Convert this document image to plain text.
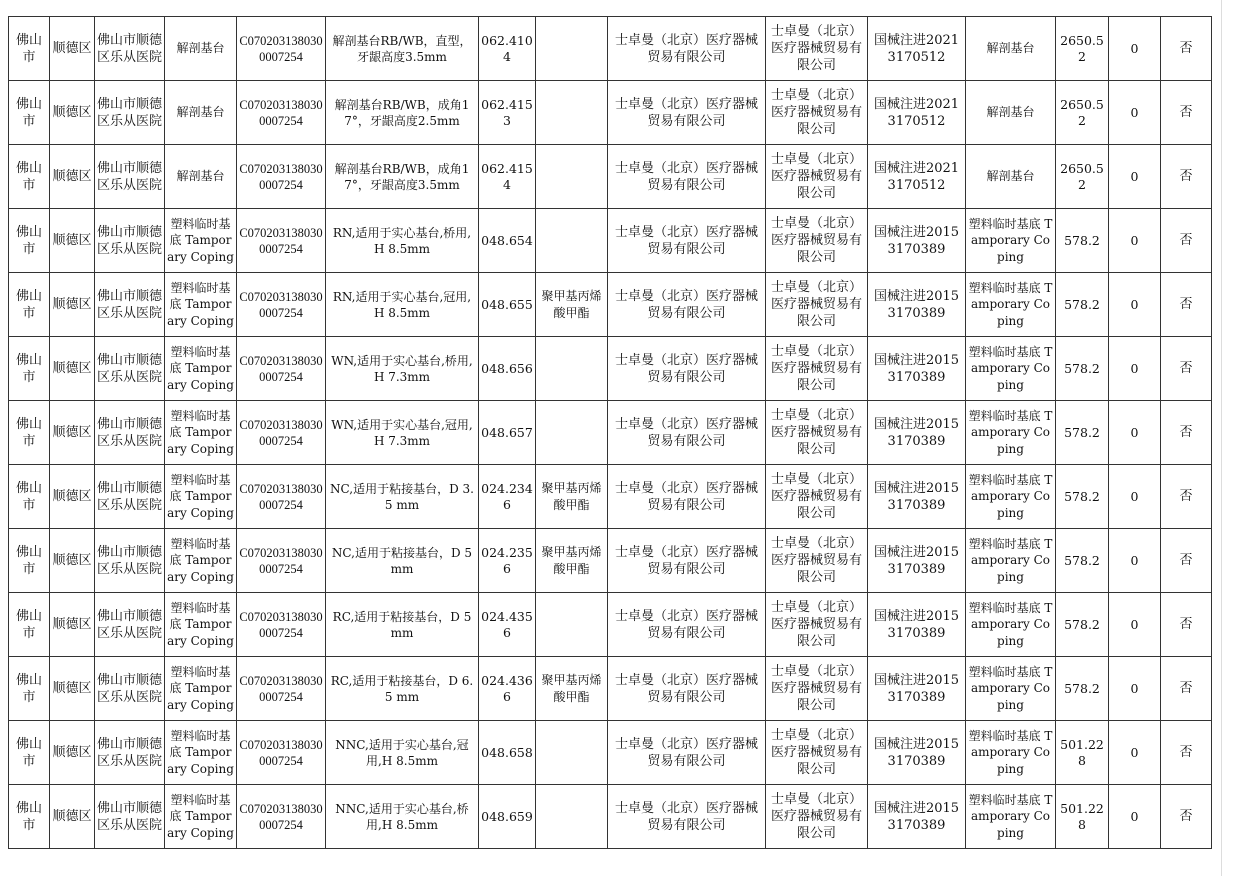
佛山市	顺德区	佛山市顺德区乐从医院	解剖基台	C0702031380300007254	解剖基台RB/WB，直型，牙龈高度3.5mm	062.4104		士卓曼（北京）医疗器械贸易有限公司	士卓曼（北京）医疗器械贸易有限公司	国械注进20213170512	解剖基台	2650.52	0	否
佛山市	顺德区	佛山市顺德区乐从医院	解剖基台	C0702031380300007254	解剖基台RB/WB，成角17°，牙龈高度2.5mm	062.4153		士卓曼（北京）医疗器械贸易有限公司	士卓曼（北京）医疗器械贸易有限公司	国械注进20213170512	解剖基台	2650.52	0	否
佛山市	顺德区	佛山市顺德区乐从医院	解剖基台	C0702031380300007254	解剖基台RB/WB，成角17°，牙龈高度3.5mm	062.4154		士卓曼（北京）医疗器械贸易有限公司	士卓曼（北京）医疗器械贸易有限公司	国械注进20213170512	解剖基台	2650.52	0	否
佛山市	顺德区	佛山市顺德区乐从医院	塑料临时基底 Tamporary Coping	C0702031380300007254	RN,适用于实心基台,桥用,H 8.5mm	048.654		士卓曼（北京）医疗器械贸易有限公司	士卓曼（北京）医疗器械贸易有限公司	国械注进20153170389	塑料临时基底 Tamporary Coping	578.2	0	否
佛山市	顺德区	佛山市顺德区乐从医院	塑料临时基底 Tamporary Coping	C0702031380300007254	RN,适用于实心基台,冠用,H 8.5mm	048.655	聚甲基丙烯酸甲酯	士卓曼（北京）医疗器械贸易有限公司	士卓曼（北京）医疗器械贸易有限公司	国械注进20153170389	塑料临时基底 Tamporary Coping	578.2	0	否
佛山市	顺德区	佛山市顺德区乐从医院	塑料临时基底 Tamporary Coping	C0702031380300007254	WN,适用于实心基台,桥用,H 7.3mm	048.656		士卓曼（北京）医疗器械贸易有限公司	士卓曼（北京）医疗器械贸易有限公司	国械注进20153170389	塑料临时基底 Tamporary Coping	578.2	0	否
佛山市	顺德区	佛山市顺德区乐从医院	塑料临时基底 Tamporary Coping	C0702031380300007254	WN,适用于实心基台,冠用,H 7.3mm	048.657		士卓曼（北京）医疗器械贸易有限公司	士卓曼（北京）医疗器械贸易有限公司	国械注进20153170389	塑料临时基底 Tamporary Coping	578.2	0	否
佛山市	顺德区	佛山市顺德区乐从医院	塑料临时基底 Tamporary Coping	C0702031380300007254	NC,适用于粘接基台，D 3.5 mm	024.2346	聚甲基丙烯酸甲酯	士卓曼（北京）医疗器械贸易有限公司	士卓曼（北京）医疗器械贸易有限公司	国械注进20153170389	塑料临时基底 Tamporary Coping	578.2	0	否
佛山市	顺德区	佛山市顺德区乐从医院	塑料临时基底 Tamporary Coping	C0702031380300007254	NC,适用于粘接基台，D 5 mm	024.2356	聚甲基丙烯酸甲酯	士卓曼（北京）医疗器械贸易有限公司	士卓曼（北京）医疗器械贸易有限公司	国械注进20153170389	塑料临时基底 Tamporary Coping	578.2	0	否
佛山市	顺德区	佛山市顺德区乐从医院	塑料临时基底 Tamporary Coping	C0702031380300007254	RC,适用于粘接基台，D 5 mm	024.4356		士卓曼（北京）医疗器械贸易有限公司	士卓曼（北京）医疗器械贸易有限公司	国械注进20153170389	塑料临时基底 Tamporary Coping	578.2	0	否
佛山市	顺德区	佛山市顺德区乐从医院	塑料临时基底 Tamporary Coping	C0702031380300007254	RC,适用于粘接基台，D 6.5 mm	024.4366	聚甲基丙烯酸甲酯	士卓曼（北京）医疗器械贸易有限公司	士卓曼（北京）医疗器械贸易有限公司	国械注进20153170389	塑料临时基底 Tamporary Coping	578.2	0	否
佛山市	顺德区	佛山市顺德区乐从医院	塑料临时基底 Tamporary Coping	C0702031380300007254	NNC,适用于实心基台,冠用,H 8.5mm	048.658		士卓曼（北京）医疗器械贸易有限公司	士卓曼（北京）医疗器械贸易有限公司	国械注进20153170389	塑料临时基底 Tamporary Coping	501.228	0	否
佛山市	顺德区	佛山市顺德区乐从医院	塑料临时基底 Tamporary Coping	C0702031380300007254	NNC,适用于实心基台,桥用,H 8.5mm	048.659		士卓曼（北京）医疗器械贸易有限公司	士卓曼（北京）医疗器械贸易有限公司	国械注进20153170389	塑料临时基底 Tamporary Coping	501.228	0	否
